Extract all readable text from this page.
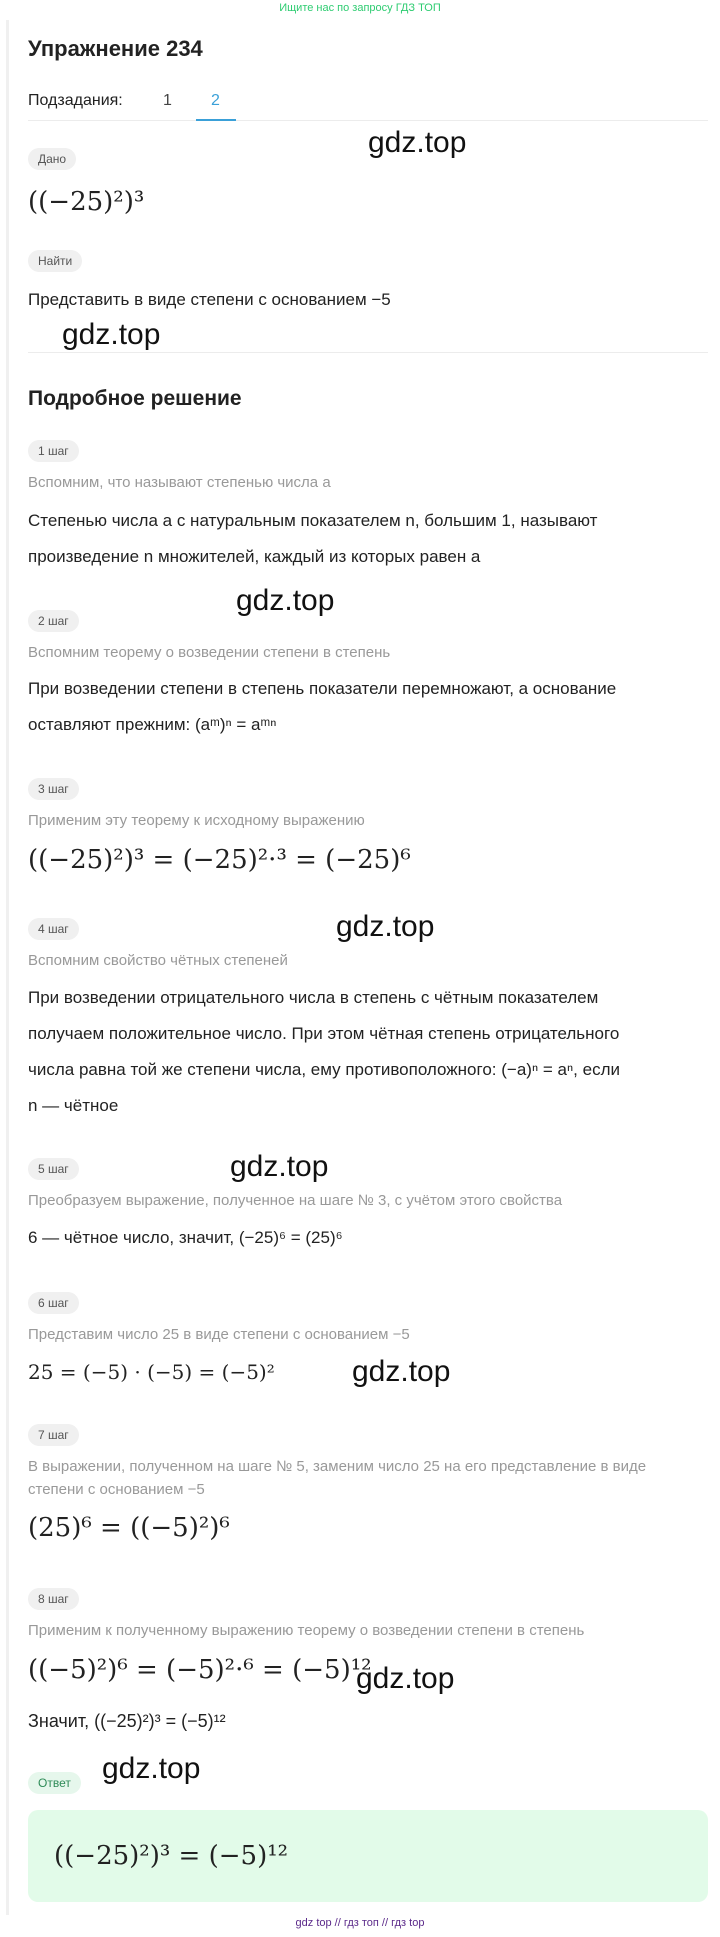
Ищите нас по запросу ГДЗ ТОП
Упражнение 234
Подзадания:	1 2
Дано
((−25)²)³
Найти
Представить в виде степени с основанием −5
Подробное решение
1 шаг
Вспомним, что называют степенью числа a
Степенью числа a с натуральным показателем n, большим 1, называют
произведение n множителей, каждый из которых равен a
2 шаг
Вспомним теорему о возведении степени в степень
При возведении степени в степень показатели перемножают, а основание
оставляют прежним: (aᵐ)ⁿ = aᵐⁿ
3 шаг
Применим эту теорему к исходному выражению
((−25)²)³ = (−25)²·³ = (−25)⁶
4 шаг
Вспомним свойство чётных степеней
При возведении отрицательного числа в степень с чётным показателем
получаем положительное число. При этом чётная степень отрицательного
числа равна той же степени числа, ему противоположного: (−a)ⁿ = aⁿ, если
n — чётное
5 шаг
Преобразуем выражение, полученное на шаге № 3, с учётом этого свойства
6 — чётное число, значит, (−25)⁶ = (25)⁶
6 шаг
Представим число 25 в виде степени с основанием −5
25 = (−5) · (−5) = (−5)²
7 шаг
В выражении, полученном на шаге № 5, заменим число 25 на его представление в виде
степени с основанием −5
(25)⁶ = ((−5)²)⁶
8 шаг
Применим к полученному выражению теорему о возведении степени в степень
((−5)²)⁶ = (−5)²·⁶ = (−5)¹²
Значит, ((−25)²)³ = (−5)¹²
Ответ
((−25)²)³ = (−5)¹²
gdz.top
gdz.top
gdz.top
gdz.top
gdz.top
gdz.top
gdz.top
gdz.top
gdz top // гдз топ // гдз top
